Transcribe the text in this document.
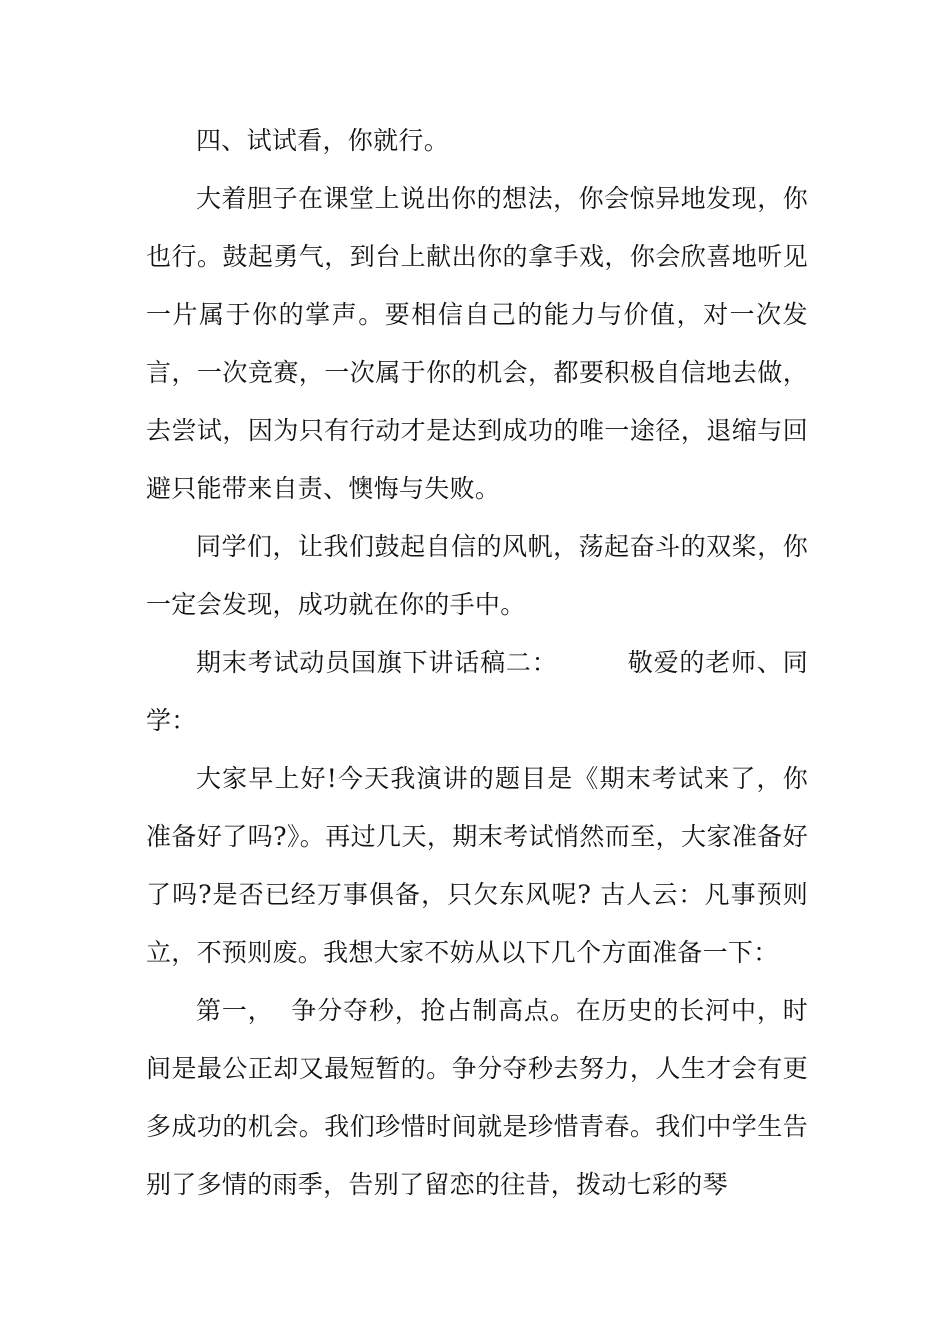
四、试试看，你就行。

大着胆子在课堂上说出你的想法，你会惊异地发现，你也行。鼓起勇气，到台上献出你的拿手戏，你会欣喜地听见一片属于你的掌声。要相信自己的能力与价值，对一次发言，一次竞赛，一次属于你的机会，都要积极自信地去做，去尝试，因为只有行动才是达到成功的唯一途径，退缩与回避只能带来自责、懊悔与失败。

同学们，让我们鼓起自信的风帆，荡起奋斗的双桨，你一定会发现，成功就在你的手中。

期末考试动员国旗下讲话稿二：        敬爱的老师、同学：

大家早上好!今天我演讲的题目是《期末考试来了，你准备好了吗?》。再过几天，期末考试悄然而至，大家准备好了吗?是否已经万事俱备，只欠东风呢? 古人云：凡事预则立，不预则废。我想大家不妨从以下几个方面准备一下：

第一，  争分夺秒，抢占制高点。在历史的长河中，时间是最公正却又最短暂的。争分夺秒去努力，人生才会有更多成功的机会。我们珍惜时间就是珍惜青春。我们中学生告别了多情的雨季，告别了留恋的往昔，拨动七彩的琴
